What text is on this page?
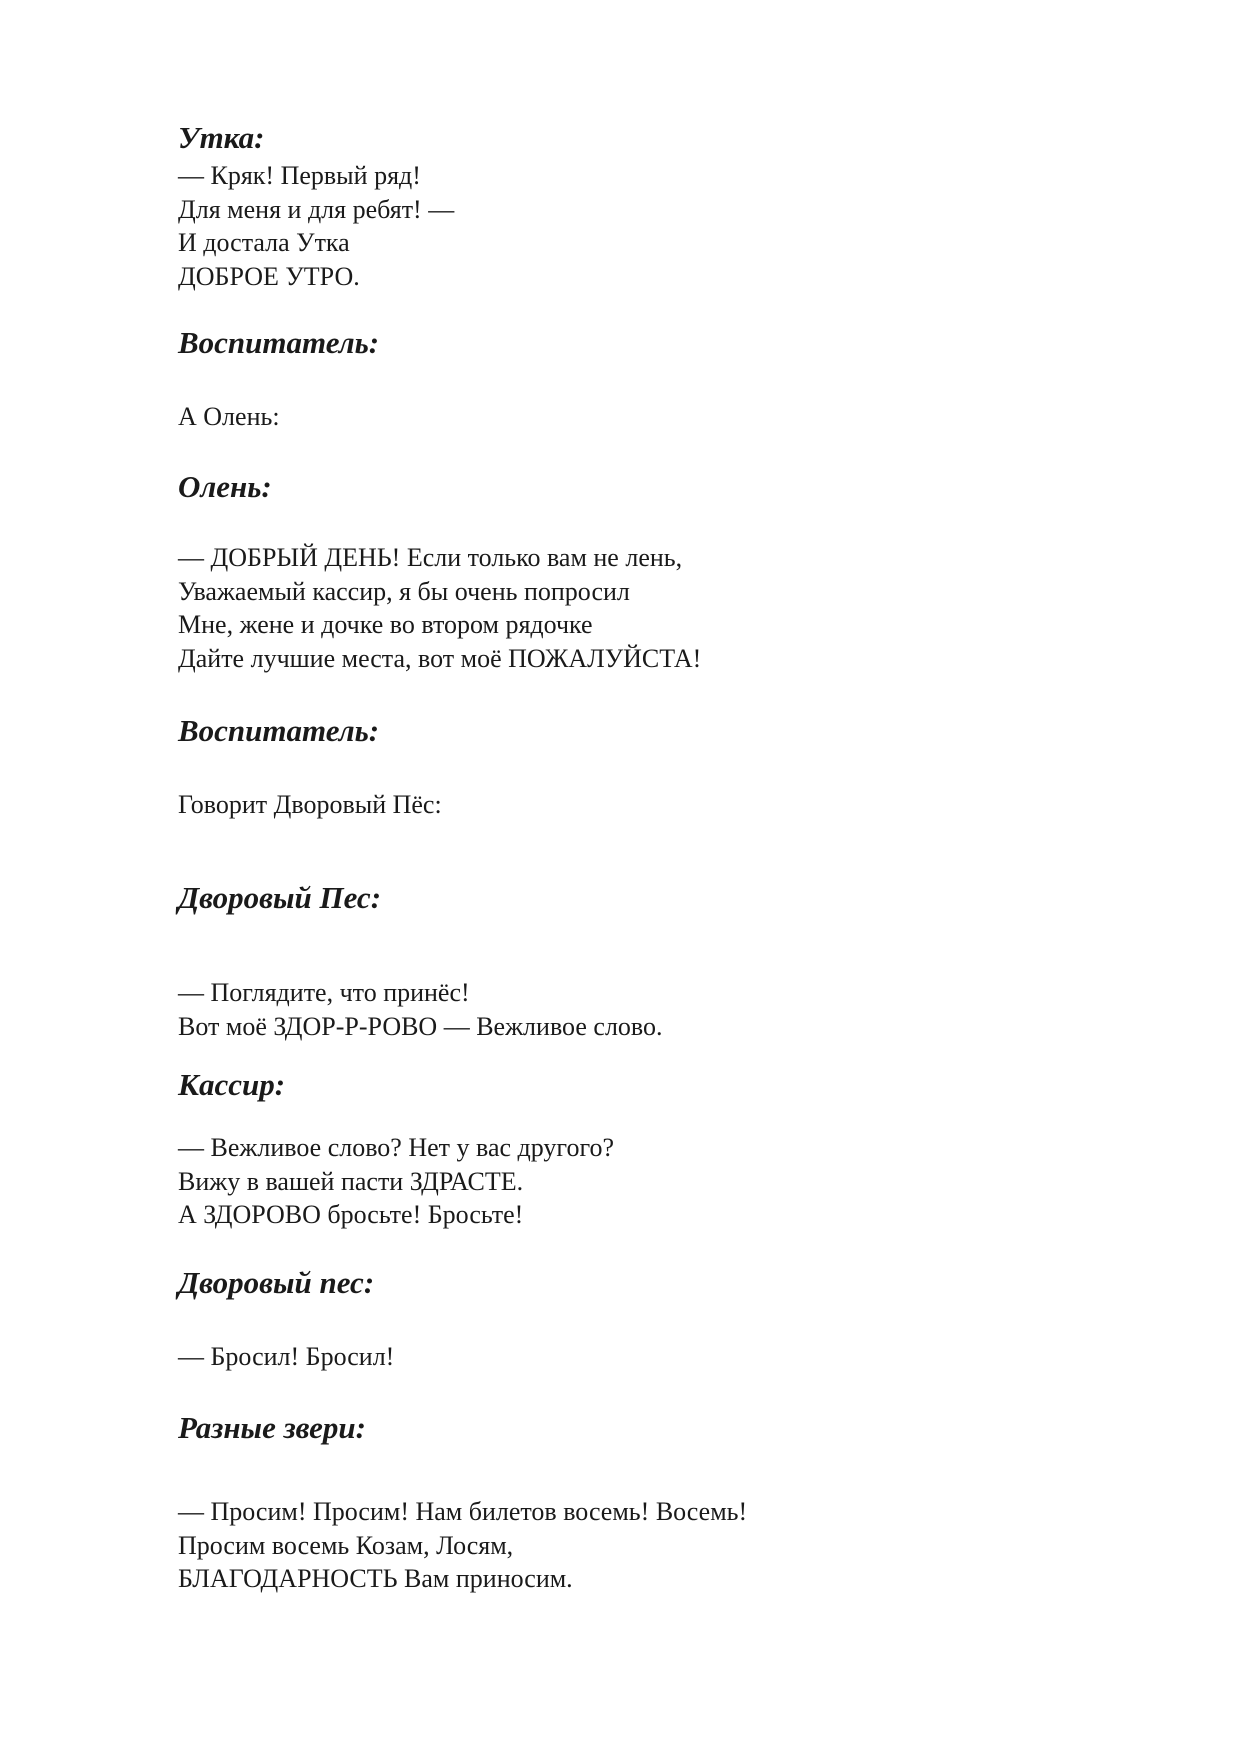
Утка:
— Кряк! Первый ряд!
Для меня и для ребят! —
И достала Утка
ДОБРОЕ УТРО.
Воспитатель:
А Олень:
Олень:
— ДОБРЫЙ ДЕНЬ! Если только вам не лень,
Уважаемый кассир, я бы очень попросил
Мне, жене и дочке во втором рядочке
Дайте лучшие места, вот моё ПОЖАЛУЙСТА!
Воспитатель:
Говорит Дворовый Пёс:
Дворовый Пес:
— Поглядите, что принёс!
Вот моё ЗДОР-Р-РОВО — Вежливое слово.
Кассир:
— Вежливое слово? Нет у вас другого?
Вижу в вашей пасти ЗДРАСТЕ.
А ЗДОРОВО бросьте! Бросьте!
Дворовый пес:
— Бросил! Бросил!
Разные звери:
— Просим! Просим! Нам билетов восемь! Восемь!
Просим восемь Козам, Лосям,
БЛАГОДАРНОСТЬ Вам приносим.
